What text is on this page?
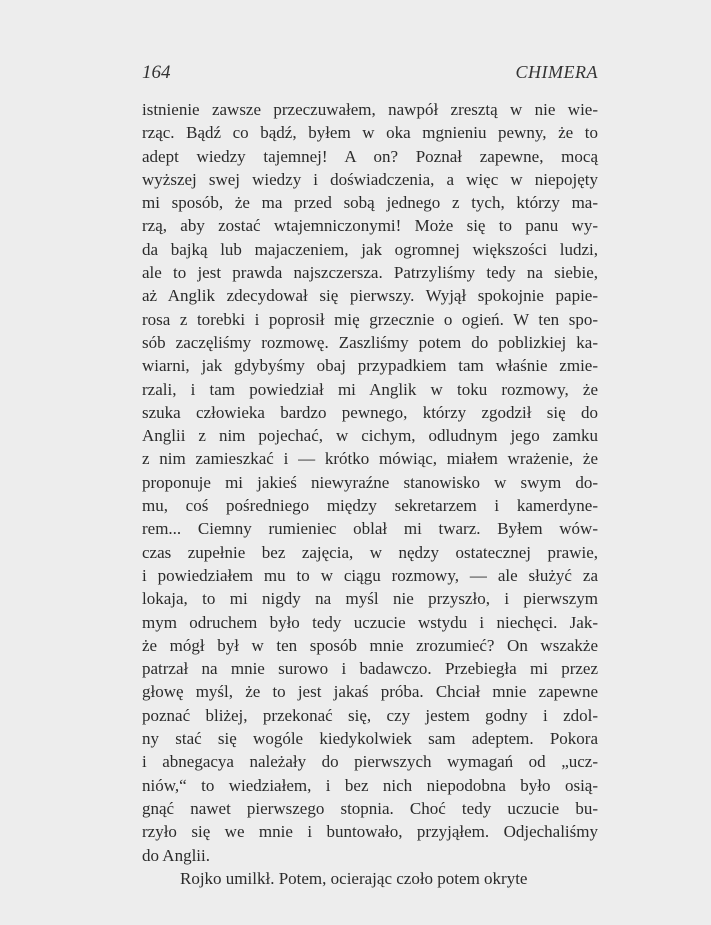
164	CHIMERA
istnienie zawsze przeczuwałem, nawpół zresztą w nie wie-
rząc. Bądź co bądź, byłem w oka mgnieniu pewny, że to
adept wiedzy tajemnej! A on? Poznał zapewne, mocą
wyższej swej wiedzy i doświadczenia, a więc w niepojęty
mi sposób, że ma przed sobą jednego z tych, którzy ma-
rzą, aby zostać wtajemniczonymi! Może się to panu wy-
da bajką lub majaczeniem, jak ogromnej większości ludzi,
ale to jest prawda najszczersza. Patrzyliśmy tedy na siebie,
aż Anglik zdecydował się pierwszy. Wyjął spokojnie papie-
rosa z torebki i poprosił mię grzecznie o ogień. W ten spo-
sób zaczęliśmy rozmowę. Zaszliśmy potem do poblizkiej ka-
wiarni, jak gdybyśmy obaj przypadkiem tam właśnie zmie-
rzali, i tam powiedział mi Anglik w toku rozmowy, że
szuka człowieka bardzo pewnego, którzy zgodził się do
Anglii z nim pojechać, w cichym, odludnym jego zamku
z nim zamieszkać i — krótko mówiąc, miałem wrażenie, że
proponuje mi jakieś niewyraźne stanowisko w swym do-
mu, coś pośredniego między sekretarzem i kamerdyne-
rem... Ciemny rumieniec oblał mi twarz. Byłem wów-
czas zupełnie bez zajęcia, w nędzy ostatecznej prawie,
i powiedziałem mu to w ciągu rozmowy, — ale służyć za
lokaja, to mi nigdy na myśl nie przyszło, i pierwszym
mym odruchem było tedy uczucie wstydu i niechęci. Jak-
że mógł był w ten sposób mnie zrozumieć? On wszakże
patrzał na mnie surowo i badawczo. Przebiegła mi przez
głowę myśl, że to jest jakaś próba. Chciał mnie zapewne
poznać bliżej, przekonać się, czy jestem godny i zdol-
ny stać się wogóle kiedykolwiek sam adeptem. Pokora
i abnegacya należały do pierwszych wymagań od „ucz-
niów,“ to wiedziałem, i bez nich niepodobna było osią-
gnąć nawet pierwszego stopnia. Choć tedy uczucie bu-
rzyło się we mnie i buntowało, przyjąłem. Odjechaliśmy
do Anglii.
Rojko umilkł. Potem, ocierając czoło potem okryte
